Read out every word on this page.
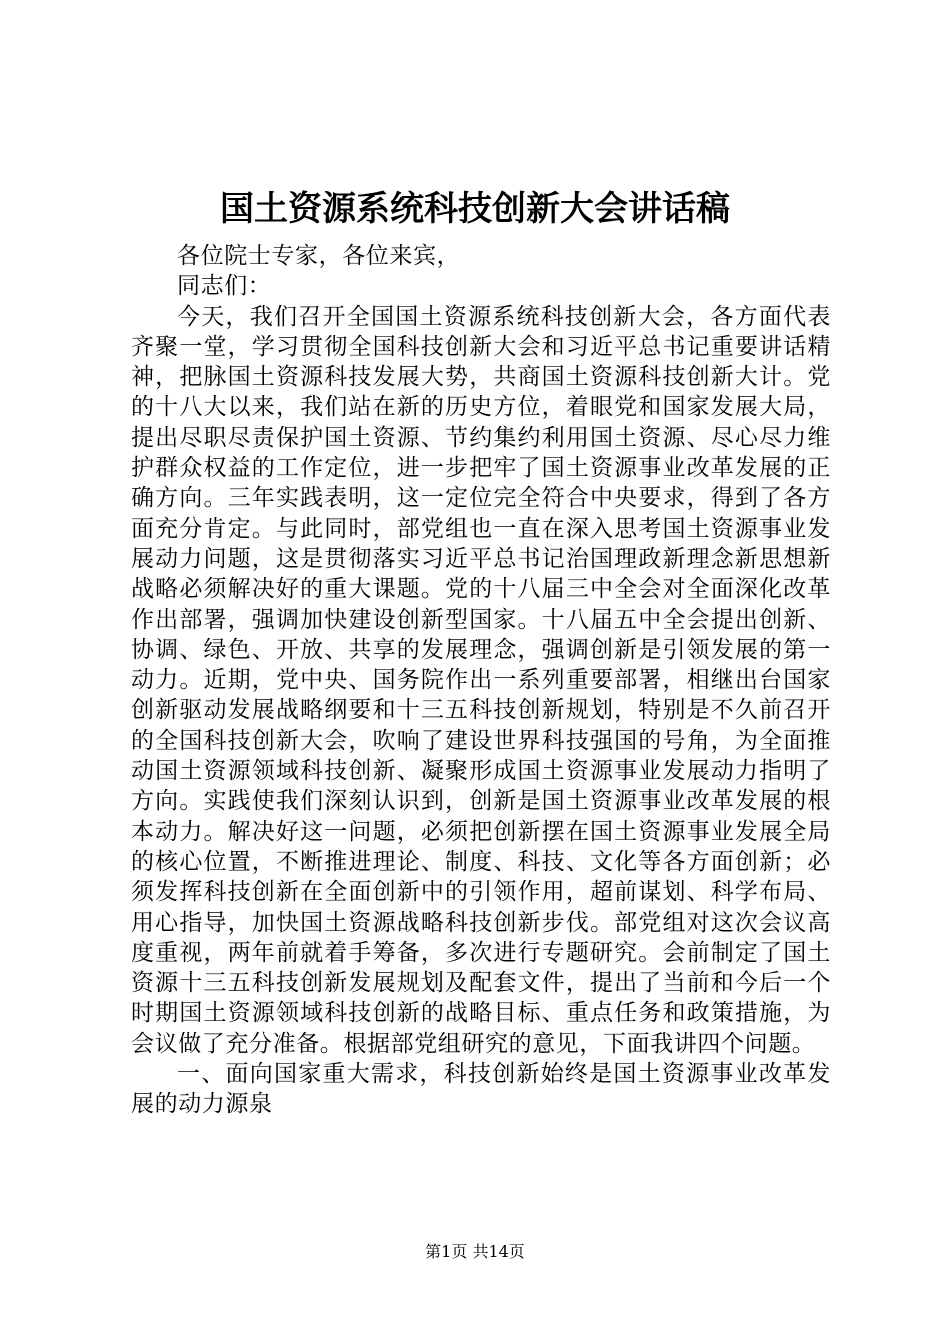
国土资源系统科技创新大会讲话稿

各位院士专家，各位来宾，

同志们：

今天，我们召开全国国土资源系统科技创新大会，各方面代表齐聚一堂，学习贯彻全国科技创新大会和习近平总书记重要讲话精神，把脉国土资源科技发展大势，共商国土资源科技创新大计。党的十八大以来，我们站在新的历史方位，着眼党和国家发展大局，提出尽职尽责保护国土资源、节约集约利用国土资源、尽心尽力维护群众权益的工作定位，进一步把牢了国土资源事业改革发展的正确方向。三年实践表明，这一定位完全符合中央要求，得到了各方面充分肯定。与此同时，部党组也一直在深入思考国土资源事业发展动力问题，这是贯彻落实习近平总书记治国理政新理念新思想新战略必须解决好的重大课题。党的十八届三中全会对全面深化改革作出部署，强调加快建设创新型国家。十八届五中全会提出创新、协调、绿色、开放、共享的发展理念，强调创新是引领发展的第一动力。近期，党中央、国务院作出一系列重要部署，相继出台国家创新驱动发展战略纲要和十三五科技创新规划，特别是不久前召开的全国科技创新大会，吹响了建设世界科技强国的号角，为全面推动国土资源领域科技创新、凝聚形成国土资源事业发展动力指明了方向。实践使我们深刻认识到，创新是国土资源事业改革发展的根本动力。解决好这一问题，必须把创新摆在国土资源事业发展全局的核心位置，不断推进理论、制度、科技、文化等各方面创新；必须发挥科技创新在全面创新中的引领作用，超前谋划、科学布局、用心指导，加快国土资源战略科技创新步伐。部党组对这次会议高度重视，两年前就着手筹备，多次进行专题研究。会前制定了国土资源十三五科技创新发展规划及配套文件，提出了当前和今后一个时期国土资源领域科技创新的战略目标、重点任务和政策措施，为会议做了充分准备。根据部党组研究的意见，下面我讲四个问题。

一、面向国家重大需求，科技创新始终是国土资源事业改革发展的动力源泉

第1页 共14页
